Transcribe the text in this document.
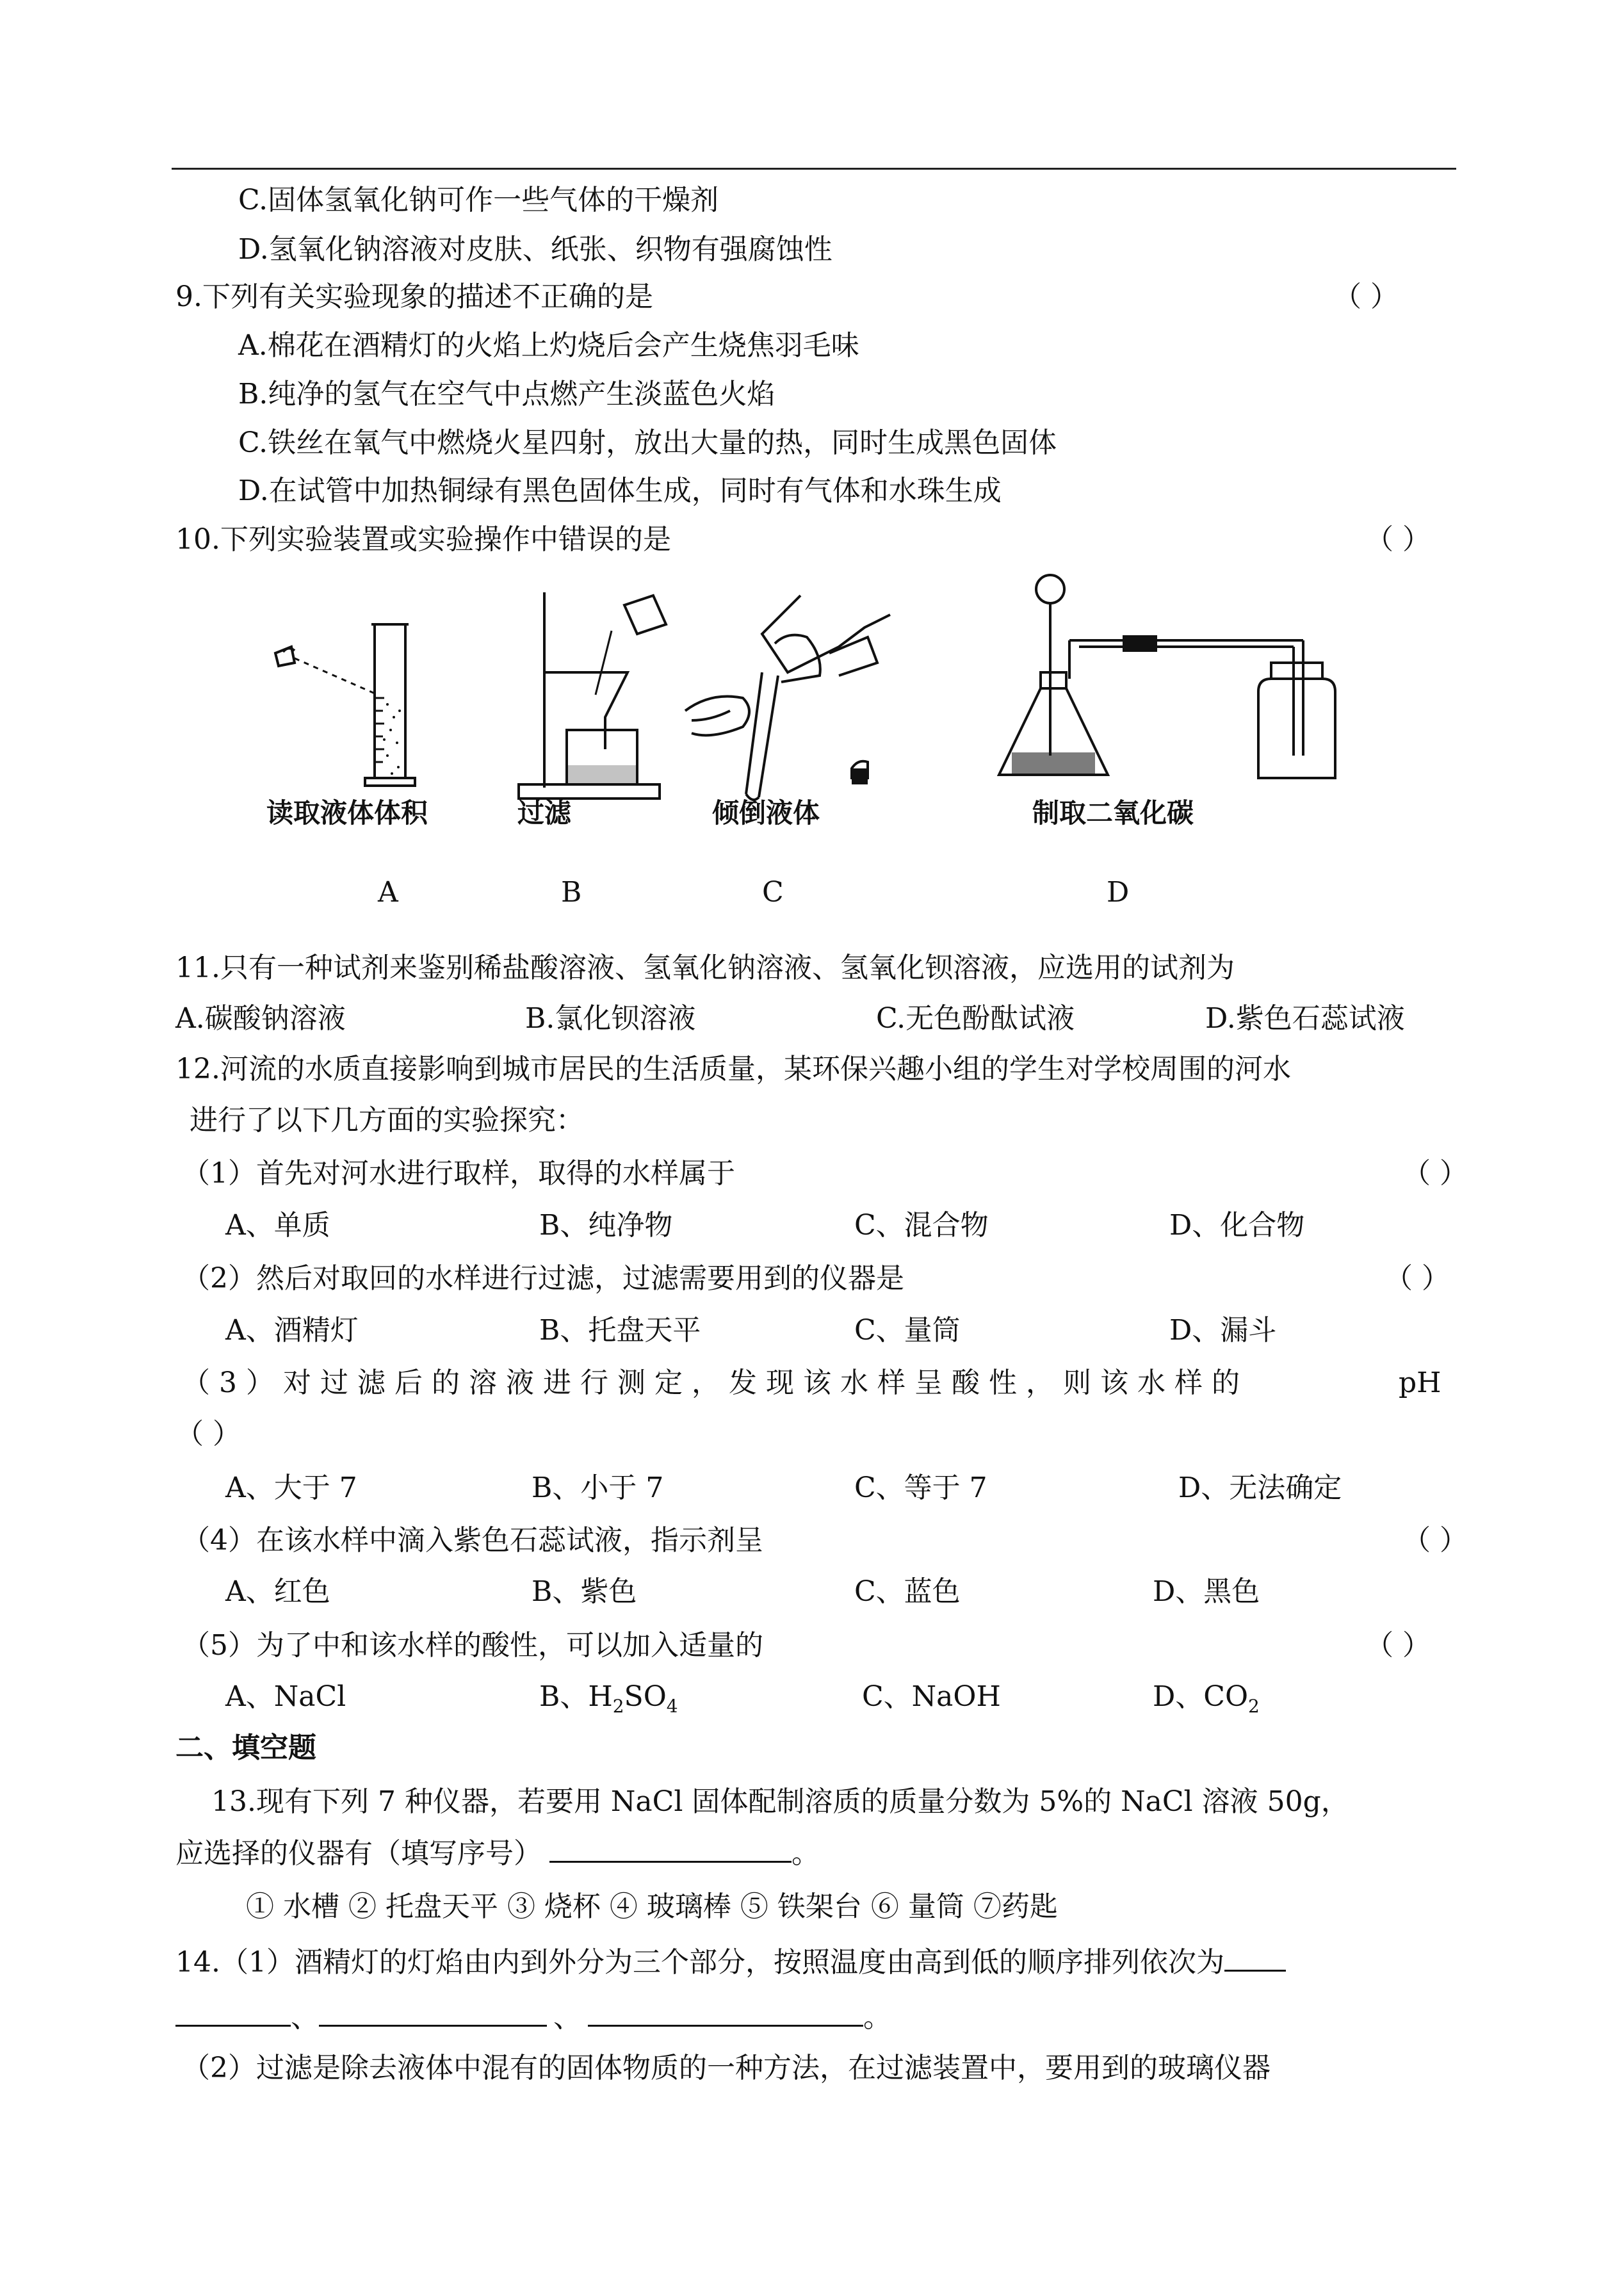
C.固体氢氧化钠可作一些气体的干燥剂
D.氢氧化钠溶液对皮肤、纸张、织物有强腐蚀性
9.下列有关实验现象的描述不正确的是	（ ）
A.棉花在酒精灯的火焰上灼烧后会产生烧焦羽毛味
B.纯净的氢气在空气中点燃产生淡蓝色火焰
C.铁丝在氧气中燃烧火星四射，放出大量的热，同时生成黑色固体
D.在试管中加热铜绿有黑色固体生成，同时有气体和水珠生成
10.下列实验装置或实验操作中错误的是	（ ）
读取液体体积	过滤	倾倒液体	制取二氧化碳
A	B	C	D
11.只有一种试剂来鉴别稀盐酸溶液、氢氧化钠溶液、氢氧化钡溶液，应选用的试剂为
A.碳酸钠溶液	B.氯化钡溶液	C.无色酚酞试液	D.紫色石蕊试液
12.河流的水质直接影响到城市居民的生活质量，某环保兴趣小组的学生对学校周围的河水
进行了以下几方面的实验探究：
（1）首先对河水进行取样，取得的水样属于	（ ）
A、单质	B、纯净物	C、混合物	D、化合物
（2）然后对取回的水样进行过滤，过滤需要用到的仪器是	（ ）
A、酒精灯	B、托盘天平	C、量筒	D、漏斗
（3）对过滤后的溶液进行测定，发现该水样呈酸性，则该水样的	pH
（ ）
A、大于 7	B、小于 7	C、等于 7	D、无法确定
（4）在该水样中滴入紫色石蕊试液，指示剂呈	（ ）
A、红色	B、紫色	C、蓝色	D、黑色
（5）为了中和该水样的酸性，可以加入适量的	（ ）
A、NaCl	B、$H_2SO_4$	C、NaOH	D、$CO_2$
二、填空题
13.现有下列 7 种仪器，若要用 NaCl 固体配制溶质的质量分数为 5%的 NaCl 溶液 50g，
应选择的仪器有（填写序号）	。
① 水槽 ② 托盘天平 ③ 烧杯 ④ 玻璃棒 ⑤ 铁架台 ⑥ 量筒 ⑦药匙
14.（1）酒精灯的灯焰由内到外分为三个部分，按照温度由高到低的顺序排列依次为
、	、	。
（2）过滤是除去液体中混有的固体物质的一种方法，在过滤装置中，要用到的玻璃仪器
